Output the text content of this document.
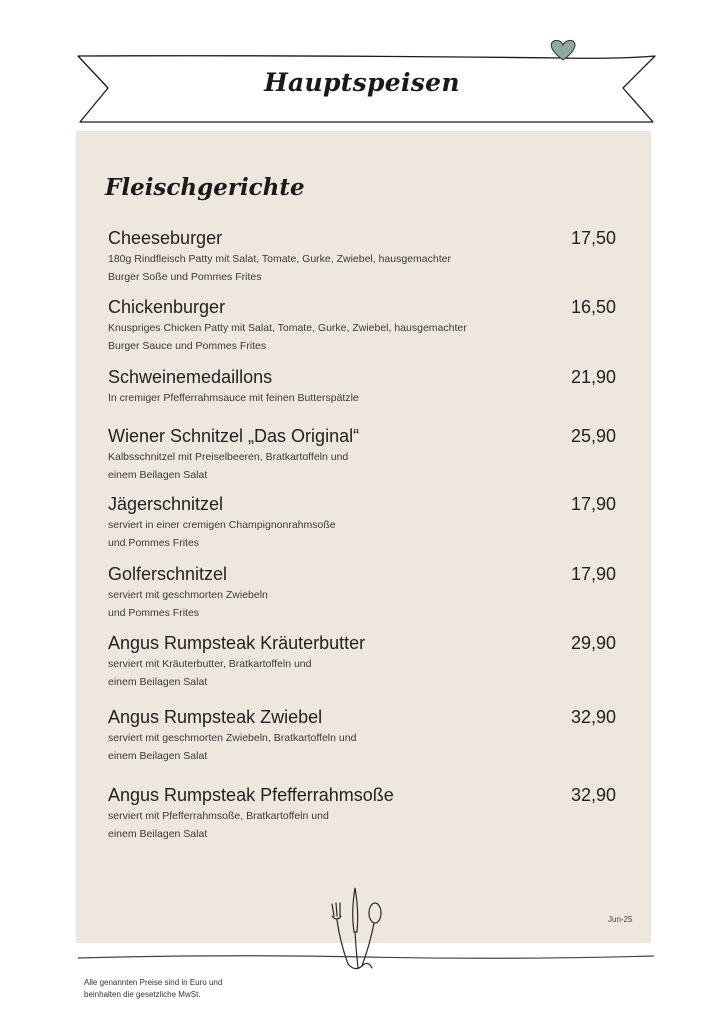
Hauptspeisen
Fleischgerichte
Cheeseburger	17,50
180g Rindfleisch Patty mit Salat, Tomate, Gurke, Zwiebel, hausgemachter
Burger Soße und Pommes Frites
Chickenburger	16,50
Knuspriges Chicken Patty mit Salat, Tomate, Gurke, Zwiebel, hausgemachter
Burger Sauce und Pommes Frites
Schweinemedaillons	21,90
In cremiger Pfefferrahmsauce mit feinen Butterspätzle
Wiener Schnitzel „Das Original“	25,90
Kalbsschnitzel mit Preiselbeeren, Bratkartoffeln und
einem Beilagen Salat
Jägerschnitzel	17,90
serviert in einer cremigen Champignonrahmsoße
und Pommes Frites
Golferschnitzel	17,90
serviert mit geschmorten Zwiebeln
und Pommes Frites
Angus Rumpsteak Kräuterbutter	29,90
serviert mit Kräuterbutter, Bratkartoffeln und
einem Beilagen Salat
Angus Rumpsteak Zwiebel	32,90
serviert mit geschmorten Zwiebeln, Bratkartoffeln und
einem Beilagen Salat
Angus Rumpsteak Pfefferrahmsoße	32,90
serviert mit Pfefferrahmsoße, Bratkartoffeln und
einem Beilagen Salat
Jun-25
Alle genannten Preise sind in Euro und
beinhalten die gesetzliche MwSt.
